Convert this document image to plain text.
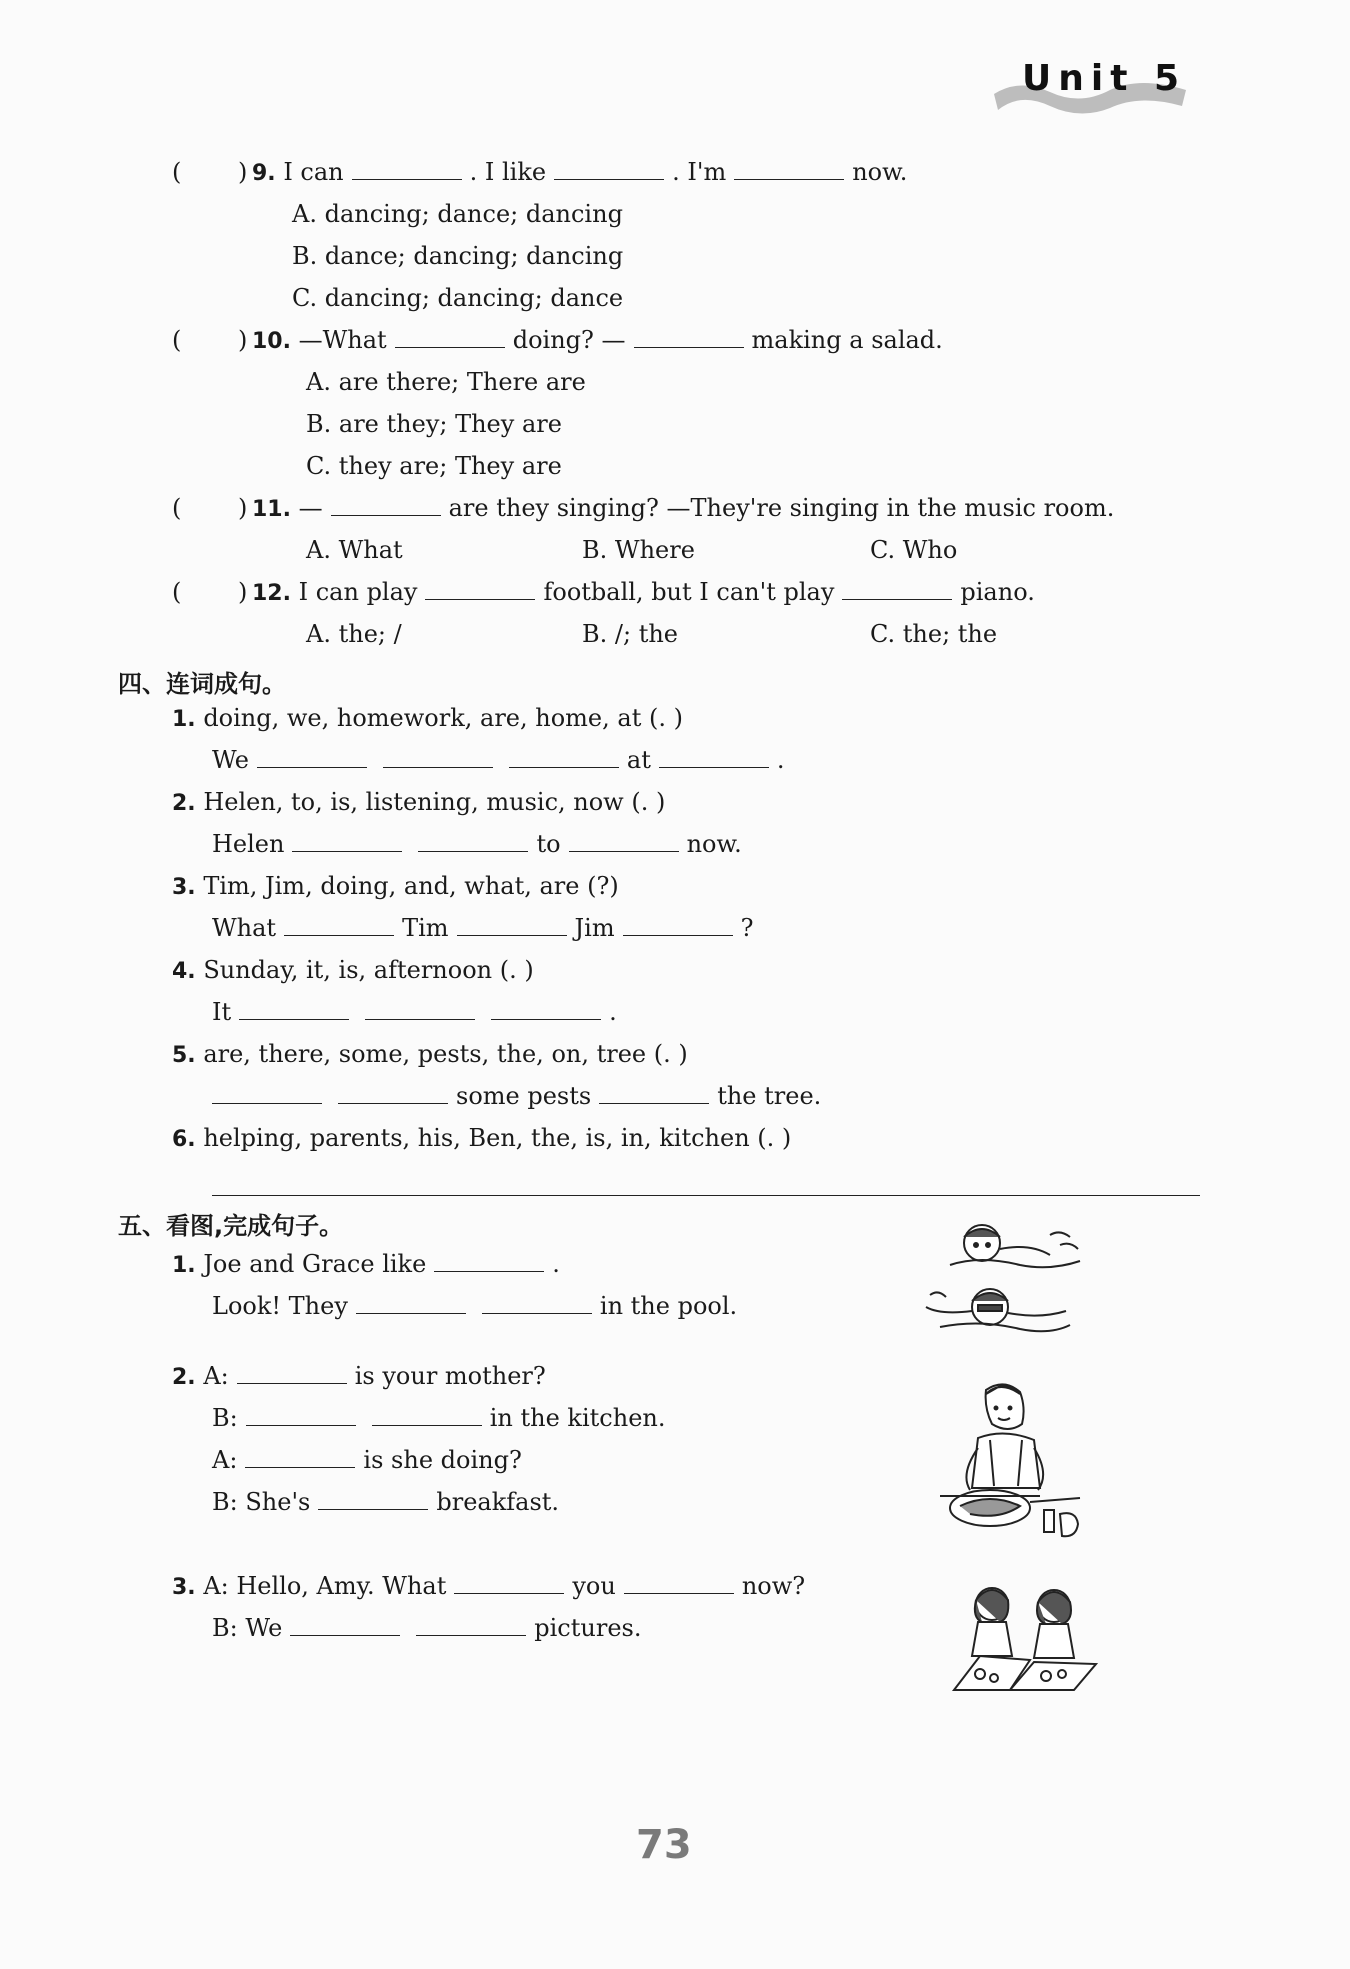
Unit 5
( ) 9. I can	. I like	. I'm	now.
A. dancing; dance; dancing
B. dance; dancing; dancing
C. dancing; dancing; dance
( ) 10. —What	doing? —	making a salad.
A. are there; There are
B. are they; They are
C. they are; They are
( ) 11. —	are they singing? —They're singing in the music room.
A. What	B. Where	C. Who
( ) 12. I can play	football, but I can't play	piano.
A. the; /	B. /; the	C. the; the
四、连词成句。
1. doing, we, homework, are, home, at (. )
We	at	.
2. Helen, to, is, listening, music, now (. )
Helen	to	now.
3. Tim, Jim, doing, and, what, are (?)
What	Tim	Jim	?
4. Sunday, it, is, afternoon (. )
It	.
5. are, there, some, pests, the, on, tree (. )
some pests	the tree.
6. helping, parents, his, Ben, the, is, in, kitchen (. )
五、看图,完成句子。
1. Joe and Grace like	.
Look! They	in the pool.
2. A:	is your mother?
B:	in the kitchen.
A:	is she doing?
B: She's	breakfast.
3. A: Hello, Amy. What	you	now?
B: We	pictures.
73
